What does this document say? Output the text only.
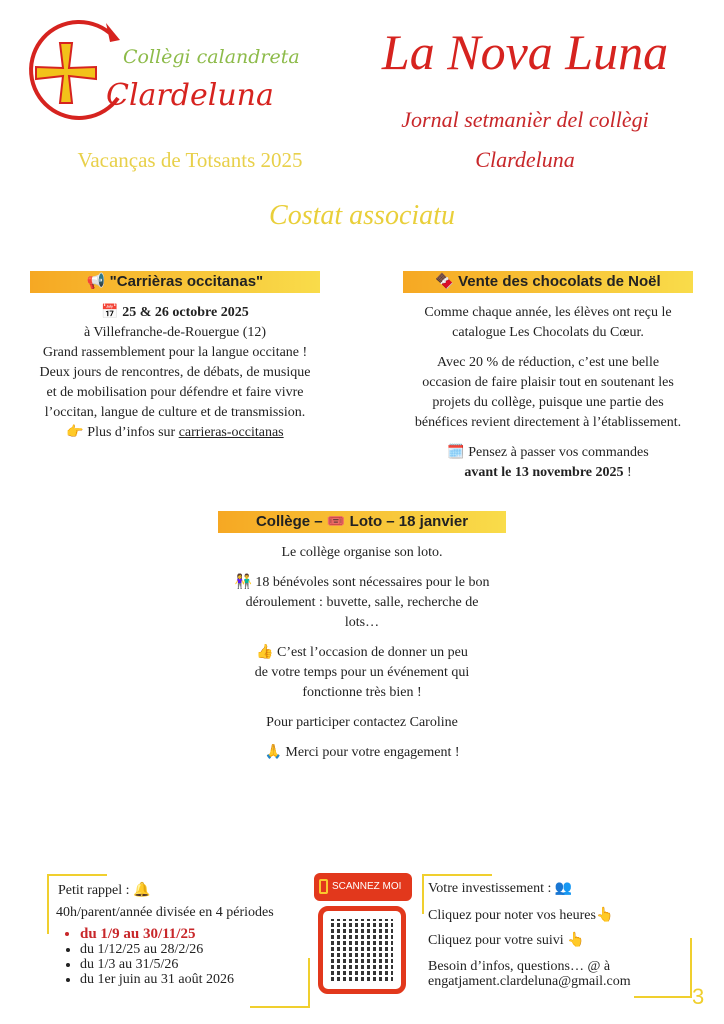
Collègi calandreta
Clardeluna
La Nova Luna
Jornal setmanièr del collègi
Clardeluna
Vacanças de Totsants 2025
Costat associatu
📢 "Carrièras occitanas"
📅 25 & 26 octobre 2025
à Villefranche-de-Rouergue (12)
Grand rassemblement pour la langue occitane !
Deux jours de rencontres, de débats, de musique
et de mobilisation pour défendre et faire vivre
l’occitan, langue de culture et de transmission.
👉 Plus d’infos sur carrieras-occitanas
🍫 Vente des chocolats de Noël

Comme chaque année, les élèves ont reçu le catalogue Les Chocolats du Cœur.

Avec 20 % de réduction, c’est une belle occasion de faire plaisir tout en soutenant les projets du collège, puisque une partie des bénéfices revient directement à l’établissement.

🗓️ Pensez à passer vos commandes
avant le 13 novembre 2025 !

Collège – 🎟️ Loto – 18 janvier

Le collège organise son loto.

👫 18 bénévoles sont nécessaires pour le bon déroulement : buvette, salle, recherche de lots…

👍 C’est l’occasion de donner un peu de votre temps pour un événement qui fonctionne très bien !

Pour participer contactez Caroline

🙏 Merci pour votre engagement !

Petit rappel : 🔔
40h/parent/année divisée en 4 périodes
• du 1/9 au 30/11/25
• du 1/12/25 au 28/2/26
• du 1/3 au 31/5/26
• du 1er juin au 31 août 2026
SCANNEZ MOI	Votre investissement : 👥
Cliquez pour noter vos heures👆
Cliquez pour votre suivi 👆
Besoin d’infos, questions… @ à
engatjament.clardeluna@gmail.com
3
